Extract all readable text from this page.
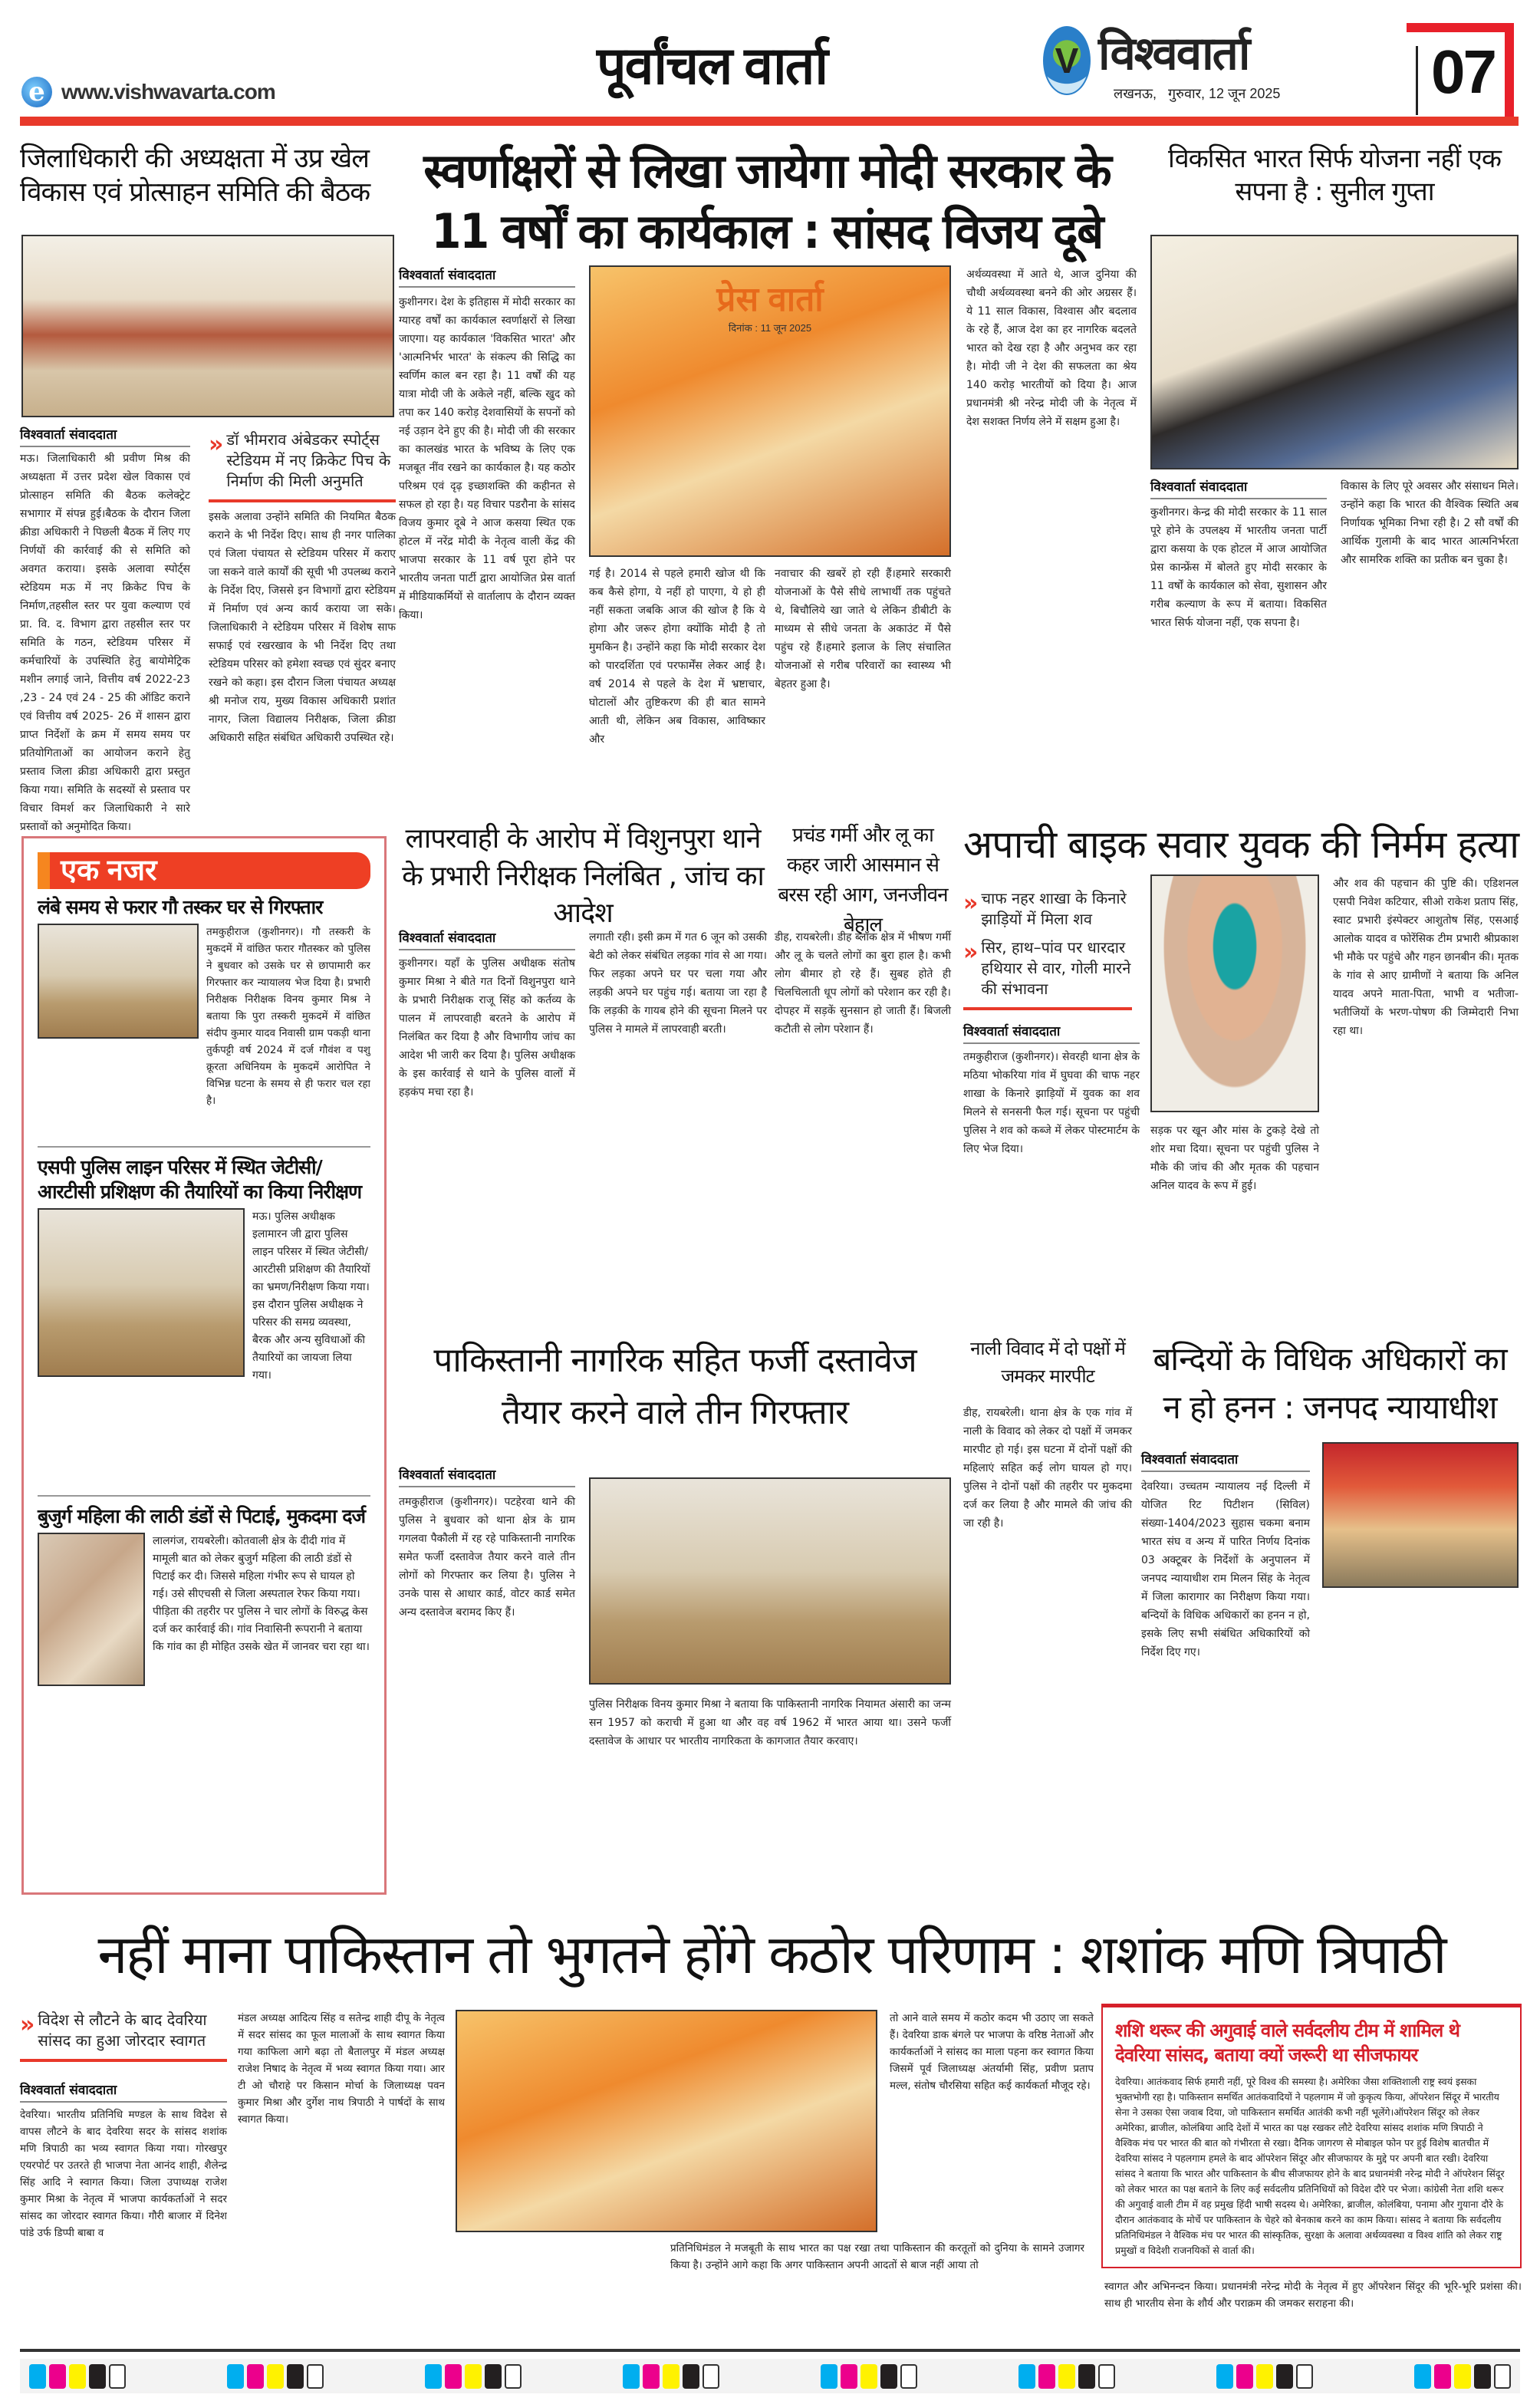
e www.vishwavarta.com	पूर्वांचल वार्ता	V विश्ववार्ता
लखनऊ,   गुरुवार, 12 जून 2025 07
जिलाधिकारी की अध्यक्षता में उप्र खेल विकास एवं प्रोत्साहन समिति की बैठक
विश्ववार्ता संवाददाता	» डॉ भीमराव अंबेडकर स्पोर्ट्स स्टेडियम में नए क्रिकेट पिच के निर्माण की मिली अनुमति
मऊ। जिलाधिकारी श्री प्रवीण मिश्र की अध्यक्षता में उत्तर प्रदेश खेल विकास एवं प्रोत्साहन समिति की बैठक कलेक्ट्रेट सभागार में संपन्न हुई।बैठक के दौरान जिला क्रीडा अधिकारी ने पिछली बैठक में लिए गए निर्णयों की कार्रवाई की से समिति को अवगत कराया। इसके अलावा स्पोर्ट्स स्टेडियम मऊ में नए क्रिकेट पिच के निर्माण,तहसील स्तर पर युवा कल्याण एवं प्रा. वि. द. विभाग द्वारा तहसील स्तर पर समिति के गठन, स्टेडियम परिसर में कर्मचारियों के उपस्थिति हेतु बायोमेट्रिक मशीन लगाई जाने, वित्तीय वर्ष 2022-23 ,23 - 24 एवं 24 - 25 की ऑडिट कराने एवं वित्तीय वर्ष 2025- 26 में शासन द्वारा प्राप्त निर्देशों के क्रम में समय समय पर प्रतियोगिताओं का आयोजन कराने हेतु प्रस्ताव जिला क्रीडा अधिकारी द्वारा प्रस्तुत किया गया। समिति के सदस्यों से प्रस्ताव पर विचार विमर्श कर जिलाधिकारी ने सारे प्रस्तावों को अनुमोदित किया।
इसके अलावा उन्होंने समिति की नियमित बैठक कराने के भी निर्देश दिए। साथ ही नगर पालिका एवं जिला पंचायत से स्टेडियम परिसर में कराए जा सकने वाले कार्यों की सूची भी उपलब्ध कराने के निर्देश दिए, जिससे इन विभागों द्वारा स्टेडियम में निर्माण एवं अन्य कार्य कराया जा सके। जिलाधिकारी ने स्टेडियम परिसर में विशेष साफ सफाई एवं रखरखाव के भी निर्देश दिए तथा स्टेडियम परिसर को हमेशा स्वच्छ एवं सुंदर बनाए रखने को कहा। इस दौरान जिला पंचायत अध्यक्ष श्री मनोज राय, मुख्य विकास अधिकारी प्रशांत नागर, जिला विद्यालय निरीक्षक, जिला क्रीडा अधिकारी सहित संबंधित अधिकारी उपस्थित रहे।
स्वर्णाक्षरों से लिखा जायेगा मोदी सरकार के
11 वर्षों का कार्यकाल : सांसद विजय दूबे
विश्ववार्ता संवाददाता
कुशीनगर। देश के इतिहास में मोदी सरकार का ग्यारह वर्षों का कार्यकाल स्वर्णाक्षरों से लिखा जाएगा। यह कार्यकाल 'विकसित भारत' और 'आत्मनिर्भर भारत' के संकल्प की सिद्धि का स्वर्णिम काल बन रहा है। 11 वर्षों की यह यात्रा मोदी जी के अकेले नहीं, बल्कि खुद को तपा कर 140 करोड़ देशवासियों के सपनों को नई उड़ान देने हुए की है। मोदी जी की सरकार का कालखंड भारत के भविष्य के लिए एक मजबूत नींव रखने का कार्यकाल है। यह कठोर परिश्रम एवं दृढ़ इच्छाशक्ति की कहीनत से सफल हो रहा है। यह विचार पडरौना के सांसद विजय कुमार दूबे ने आज कसया स्थित एक होटल में नरेंद्र मोदी के नेतृत्व वाली केंद्र की भाजपा सरकार के 11 वर्ष पूरा होने पर भारतीय जनता पार्टी द्वारा आयोजित प्रेस वार्ता में मीडियाकर्मियों से वार्तालाप के दौरान व्यक्त किया।
प्रेस वार्ता
दिनांक : 11 जून 2025
गई है। 2014 से पहले हमारी खोज थी कि कब कैसे होगा, ये नहीं हो पाएगा, ये हो ही नहीं सकता जबकि आज की खोज है कि ये होगा और जरूर होगा क्योंकि मोदी है तो मुमकिन है। उन्होंने कहा कि मोदी सरकार देश को पारदर्शिता एवं परफार्मेंस लेकर आई है। वर्ष 2014 से पहले के देश में भ्रष्टाचार, घोटालों और तुष्टिकरण की ही बात सामने आती थी, लेकिन अब विकास, आविष्कार और
नवाचार की खबरें हो रही हैं।हमारे सरकारी योजनाओं के पैसे सीधे लाभार्थी तक पहुंचते थे, बिचौलिये खा जाते थे लेकिन डीबीटी के माध्यम से सीधे जनता के अकाउंट में पैसे पहुंच रहे हैं।हमारे इलाज के लिए संचालित योजनाओं से गरीब परिवारों का स्वास्थ्य भी बेहतर हुआ है।
अर्थव्यवस्था में आते थे, आज दुनिया की चौथी अर्थव्यवस्था बनने की ओर अग्रसर हैं। ये 11 साल विकास, विश्वास और बदलाव के रहे हैं, आज देश का हर नागरिक बदलते भारत को देख रहा है और अनुभव कर रहा है। मोदी जी ने देश की सफलता का श्रेय 140 करोड़ भारतीयों को दिया है। आज प्रधानमंत्री श्री नरेन्द्र मोदी जी के नेतृत्व में देश सशक्त निर्णय लेने में सक्षम हुआ है।
विकसित भारत सिर्फ योजना नहीं एक सपना है : सुनील गुप्ता
विश्ववार्ता संवाददाता
कुशीनगर। केन्द्र की मोदी सरकार के 11 साल पूरे होने के उपलक्ष्य में भारतीय जनता पार्टी द्वारा कसया के एक होटल में आज आयोजित प्रेस कान्फ्रेंस में बोलते हुए मोदी सरकार के 11 वर्षों के कार्यकाल को सेवा, सुशासन और गरीब कल्याण के रूप में बताया। विकसित भारत सिर्फ योजना नहीं, एक सपना है।
विकास के लिए पूरे अवसर और संसाधन मिले। उन्होंने कहा कि भारत की वैश्विक स्थिति अब निर्णायक भूमिका निभा रही है। 2 सौ वर्षों की आर्थिक गुलामी के बाद भारत आत्मनिर्भरता और सामरिक शक्ति का प्रतीक बन चुका है।
एक नजर
लंबे समय से फरार गौ तस्कर घर से गिरफ्तार
तमकुहीराज (कुशीनगर)। गौ तस्करी के मुकदमें में वांछित फरार गौतस्कर को पुलिस ने बुधवार को उसके घर से छापामारी कर गिरफ्तार कर न्यायालय भेज दिया है। प्रभारी निरीक्षक निरीक्षक विनय कुमार मिश्र ने बताया कि पुरा तस्करी मुकदमें में वांछित संदीप कुमार यादव निवासी ग्राम पकड़ी थाना तुर्कपट्टी वर्ष 2024 में दर्ज गौवंश व पशु क्रूरता अधिनियम के मुकदमें आरोपित ने विभिन्न घटना के समय से ही फरार चल रहा है।
एसपी पुलिस लाइन परिसर में स्थित जेटीसी/आरटीसी प्रशिक्षण की तैयारियों का किया निरीक्षण
मऊ। पुलिस अधीक्षक इलामारन जी द्वारा पुलिस लाइन परिसर में स्थित जेटीसी/आरटीसी प्रशिक्षण की तैयारियों का भ्रमण/निरीक्षण किया गया। इस दौरान पुलिस अधीक्षक ने परिसर की समग्र व्यवस्था, बैरक और अन्य सुविधाओं की तैयारियों का जायजा लिया गया।
बुजुर्ग महिला की लाठी डंडों से पिटाई, मुकदमा दर्ज
लालगंज, रायबरेली। कोतवाली क्षेत्र के दीदी गांव में मामूली बात को लेकर बुजुर्ग महिला की लाठी डंडों से पिटाई कर दी। जिससे महिला गंभीर रूप से घायल हो गई। उसे सीएचसी से जिला अस्पताल रेफर किया गया। पीड़िता की तहरीर पर पुलिस ने चार लोगों के विरुद्ध केस दर्ज कर कार्रवाई की। गांव निवासिनी रूपरानी ने बताया कि गांव का ही मोहित उसके खेत में जानवर चरा रहा था।
लापरवाही के आरोप में विशुनपुरा थाने के प्रभारी निरीक्षक निलंबित , जांच का आदेश
विश्ववार्ता संवाददाता
कुशीनगर। यहाँ के पुलिस अधीक्षक संतोष कुमार मिश्रा ने बीते गत दिनों विशुनपुरा थाने के प्रभारी निरीक्षक राजू सिंह को कर्तव्य के पालन में लापरवाही बरतने के आरोप में निलंबित कर दिया है और विभागीय जांच का आदेश भी जारी कर दिया है। पुलिस अधीक्षक के इस कार्रवाई से थाने के पुलिस वालों में हड़कंप मचा रहा है।
लगाती रही। इसी क्रम में गत 6 जून को उसकी बेटी को लेकर संबंधित लड़का गांव से आ गया। फिर लड़का अपने घर पर चला गया और लड़की अपने घर पहुंच गई। बताया जा रहा है कि लड़की के गायब होने की सूचना मिलने पर पुलिस ने मामले में लापरवाही बरती।
प्रचंड गर्मी और लू का कहर जारी आसमान से बरस रही आग, जनजीवन बेहाल
डीह, रायबरेली। डीह ब्लॉक क्षेत्र में भीषण गर्मी और लू के चलते लोगों का बुरा हाल है। कभी लोग बीमार हो रहे हैं। सुबह होते ही चिलचिलाती धूप लोगों को परेशान कर रही है। दोपहर में सड़कें सुनसान हो जाती हैं। बिजली कटौती से लोग परेशान हैं।
अपाची बाइक सवार युवक की निर्मम हत्या
» चाफ नहर शाखा के किनारे झाड़ियों में मिला शव
» सिर, हाथ–पांव पर धारदार हथियार से वार, गोली मारने की संभावना
विश्ववार्ता संवाददाता
तमकुहीराज (कुशीनगर)। सेवरही थाना क्षेत्र के मठिया भोकरिया गांव में घुघवा की चाफ नहर शाखा के किनारे झाड़ियों में युवक का शव मिलने से सनसनी फैल गई। सूचना पर पहुंची पुलिस ने शव को कब्जे में लेकर पोस्टमार्टम के लिए भेज दिया।
सड़क पर खून और मांस के टुकड़े देखे तो शोर मचा दिया। सूचना पर पहुंची पुलिस ने मौके की जांच की और मृतक की पहचान अनिल यादव के रूप में हुई।
और शव की पहचान की पुष्टि की। एडिशनल एसपी निवेश कटियार, सीओ राकेश प्रताप सिंह, स्वाट प्रभारी इंस्पेक्टर आशुतोष सिंह, एसआई आलोक यादव व फोरेंसिक टीम प्रभारी श्रीप्रकाश भी मौके पर पहुंचे और गहन छानबीन की। मृतक के गांव से आए ग्रामीणों ने बताया कि अनिल यादव अपने माता-पिता, भाभी व भतीजा-भतीजियों के भरण-पोषण की जिम्मेदारी निभा रहा था।
पाकिस्तानी नागरिक सहित फर्जी दस्तावेज तैयार करने वाले तीन गिरफ्तार
विश्ववार्ता संवाददाता
तमकुहीराज (कुशीनगर)। पटहेरवा थाने की पुलिस ने बुधवार को थाना क्षेत्र के ग्राम गगलवा पैकौली में रह रहे पाकिस्तानी नागरिक समेत फर्जी दस्तावेज तैयार करने वाले तीन लोगों को गिरफ्तार कर लिया है। पुलिस ने उनके पास से आधार कार्ड, वोटर कार्ड समेत अन्य दस्तावेज बरामद किए हैं।
पुलिस निरीक्षक विनय कुमार मिश्रा ने बताया कि पाकिस्तानी नागरिक नियामत अंसारी का जन्म सन 1957 को कराची में हुआ था और वह वर्ष 1962 में भारत आया था। उसने फर्जी दस्तावेज के आधार पर भारतीय नागरिकता के कागजात तैयार करवाए।
नाली विवाद में दो पक्षों में जमकर मारपीट
डीह, रायबरेली। थाना क्षेत्र के एक गांव में नाली के विवाद को लेकर दो पक्षों में जमकर मारपीट हो गई। इस घटना में दोनों पक्षों की महिलाएं सहित कई लोग घायल हो गए। पुलिस ने दोनों पक्षों की तहरीर पर मुकदमा दर्ज कर लिया है और मामले की जांच की जा रही है।
बन्दियों के विधिक अधिकारों का न हो हनन : जनपद न्यायाधीश
विश्ववार्ता संवाददाता
देवरिया। उच्चतम न्यायालय नई दिल्ली में योजित रिट पिटीशन (सिविल) संख्या-1404/2023 सुहास चकमा बनाम भारत संघ व अन्य में पारित निर्णय दिनांक 03 अक्टूबर के निर्देशों के अनुपालन में जनपद न्यायाधीश राम मिलन सिंह के नेतृत्व में जिला कारागार का निरीक्षण किया गया। बन्दियों के विधिक अधिकारों का हनन न हो, इसके लिए सभी संबंधित अधिकारियों को निर्देश दिए गए।
नहीं माना पाकिस्तान तो भुगतने होंगे कठोर परिणाम : शशांक मणि त्रिपाठी
» विदेश से लौटने के बाद देवरिया सांसद का हुआ जोरदार स्वागत
विश्ववार्ता संवाददाता
देवरिया। भारतीय प्रतिनिधि मण्डल के साथ विदेश से वापस लौटने के बाद देवरिया सदर के सांसद शशांक मणि त्रिपाठी का भव्य स्वागत किया गया। गोरखपुर एयरपोर्ट पर उतरते ही भाजपा नेता आनंद शाही, शैलेन्द्र सिंह आदि ने स्वागत किया। जिला उपाध्यक्ष राजेश कुमार मिश्रा के नेतृत्व में भाजपा कार्यकर्ताओं ने सदर सांसद का जोरदार स्वागत किया। गौरी बाजार में दिनेश पांडे उर्फ डिप्पी बाबा व
मंडल अध्यक्ष आदित्य सिंह व सतेन्द्र शाही दीपू के नेतृत्व में सदर सांसद का फूल मालाओं के साथ स्वागत किया गया काफिला आगे बढ़ा तो बैतालपुर में मंडल अध्यक्ष राजेश निषाद के नेतृत्व में भव्य स्वागत किया गया। आर टी ओ चौराहे पर किसान मोर्चा के जिलाध्यक्ष पवन कुमार मिश्रा और दुर्गेश नाथ त्रिपाठी ने पार्षदों के साथ स्वागत किया।
तो आने वाले समय में कठोर कदम भी उठाए जा सकते हैं। देवरिया डाक बंगले पर भाजपा के वरिष्ठ नेताओं और कार्यकर्ताओं ने सांसद का माला पहना कर स्वागत किया जिसमें पूर्व जिलाध्यक्ष अंतर्यामी सिंह, प्रवीण प्रताप मल्ल, संतोष चौरसिया सहित कई कार्यकर्ता मौजूद रहे।
प्रतिनिधिमंडल ने मजबूती के साथ भारत का पक्ष रखा तथा पाकिस्तान की करतूतों को दुनिया के सामने उजागर किया है। उन्होंने आगे कहा कि अगर पाकिस्तान अपनी आदतों से बाज नहीं आया तो
स्वागत और अभिनन्दन किया। प्रधानमंत्री नरेन्द्र मोदी के नेतृत्व में हुए ऑपरेशन सिंदूर की भूरि-भूरि प्रशंसा की। साथ ही भारतीय सेना के शौर्य और पराक्रम की जमकर सराहना की।
शशि थरूर की अगुवाई वाले सर्वदलीय टीम में शामिल थे देवरिया सांसद, बताया क्यों जरूरी था सीजफायर
देवरिया। आतंकवाद सिर्फ हमारी नहीं, पूरे विश्व की समस्या है। अमेरिका जैसा शक्तिशाली राष्ट्र स्वयं इसका भुक्तभोगी रहा है। पाकिस्तान समर्थित आतंकवादियों ने पहलगाम में जो कुकृत्य किया, ऑपरेशन सिंदूर में भारतीय सेना ने उसका ऐसा जवाब दिया, जो पाकिस्तान समर्थित आतंकी कभी नहीं भूलेंगे।ऑपरेशन सिंदूर को लेकर अमेरिका, ब्राजील, कोलंबिया आदि देशों में भारत का पक्ष रखकर लौटे देवरिया सांसद शशांक मणि त्रिपाठी ने वैश्विक मंच पर भारत की बात को गंभीरता से रखा। दैनिक जागरण से मोबाइल फोन पर हुई विशेष बातचीत में देवरिया सांसद ने पहलगाम हमले के बाद ऑपरेशन सिंदूर और सीजफायर के मुद्दे पर अपनी बात रखी। देवरिया सांसद ने बताया कि भारत और पाकिस्तान के बीच सीजफायर होने के बाद प्रधानमंत्री नरेन्द्र मोदी ने ऑपरेशन सिंदूर को लेकर भारत का पक्ष बताने के लिए कई सर्वदलीय प्रतिनिधियों को विदेश दौरे पर भेजा। कांग्रेसी नेता शशि थरूर की अगुवाई वाली टीम में वह प्रमुख हिंदी भाषी सदस्य थे। अमेरिका, ब्राजील, कोलंबिया, पनामा और गुयाना दौरे के दौरान आतंकवाद के मोर्चे पर पाकिस्तान के चेहरे को बेनकाब करने का काम किया। सांसद ने बताया कि सर्वदलीय प्रतिनिधिमंडल ने वैश्विक मंच पर भारत की सांस्कृतिक, सुरक्षा के अलावा अर्थव्यवस्था व विश्व शांति को लेकर राष्ट्र प्रमुखों व विदेशी राजनयिकों से वार्ता की।
